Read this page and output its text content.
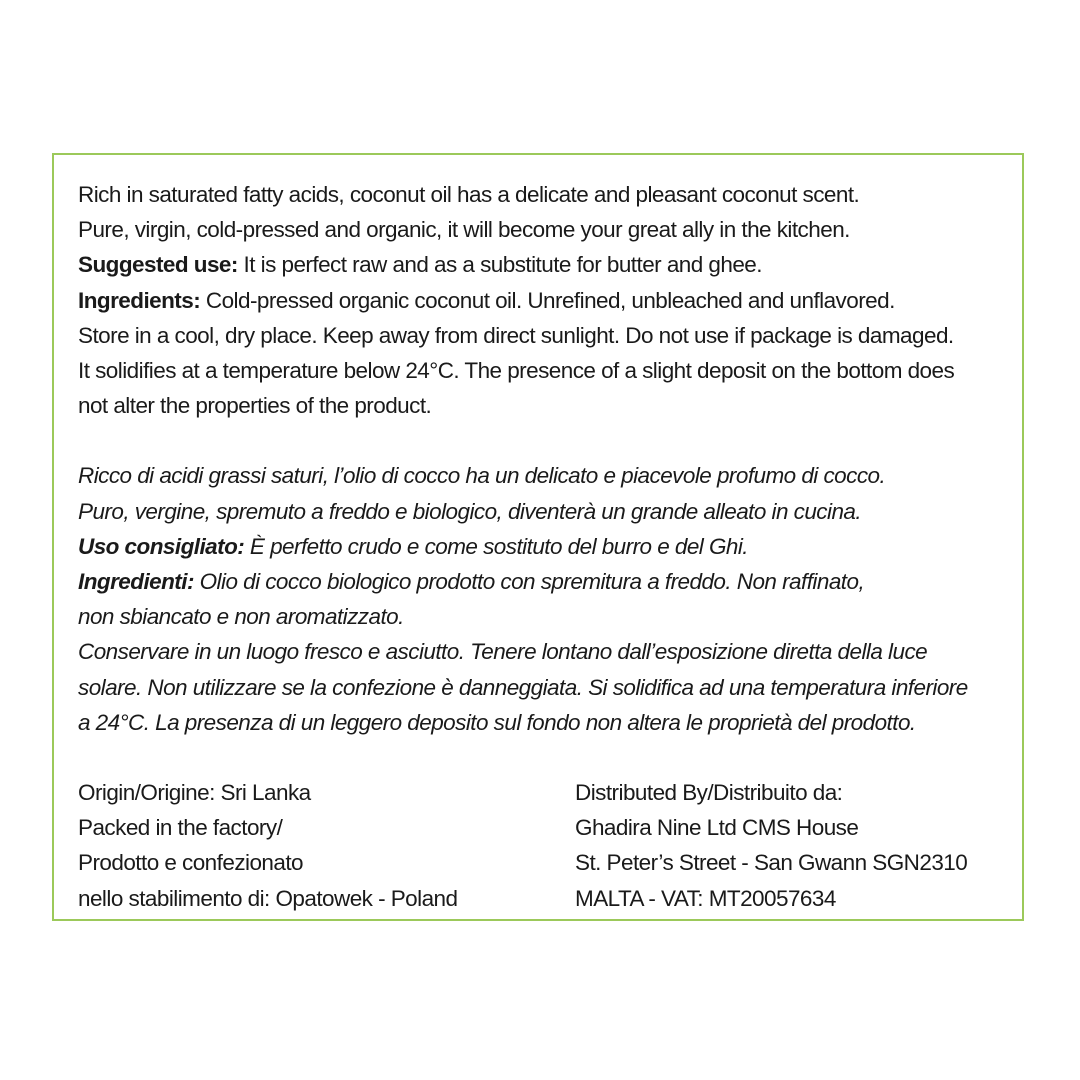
Rich in saturated fatty acids, coconut oil has a delicate and pleasant coconut scent.
Pure, virgin, cold-pressed and organic, it will become your great ally in the kitchen.
Suggested use: It is perfect raw and as a substitute for butter and ghee.
Ingredients: Cold-pressed organic coconut oil. Unrefined, unbleached and unflavored.
Store in a cool, dry place. Keep away from direct sunlight. Do not use if package is damaged.
It solidifies at a temperature below 24°C. The presence of a slight deposit on the bottom does
not alter the properties of the product.
Ricco di acidi grassi saturi, l’olio di cocco ha un delicato e piacevole profumo di cocco.
Puro, vergine, spremuto a freddo e biologico, diventerà un grande alleato in cucina.
Uso consigliato: È perfetto crudo e come sostituto del burro e del Ghi.
Ingredienti: Olio di cocco biologico prodotto con spremitura a freddo. Non raffinato,
non sbiancato e non aromatizzato.
Conservare in un luogo fresco e asciutto. Tenere lontano dall’esposizione diretta della luce
solare. Non utilizzare se la confezione è danneggiata. Si solidifica ad una temperatura inferiore
a 24°C. La presenza di un leggero deposito sul fondo non altera le proprietà del prodotto.
Origin/Origine: Sri Lanka
Packed in the factory/
Prodotto e confezionato
nello stabilimento di: Opatowek - Poland
Distributed By/Distribuito da:
Ghadira Nine Ltd CMS House
St. Peter’s Street - San Gwann SGN2310
MALTA - VAT: MT20057634
